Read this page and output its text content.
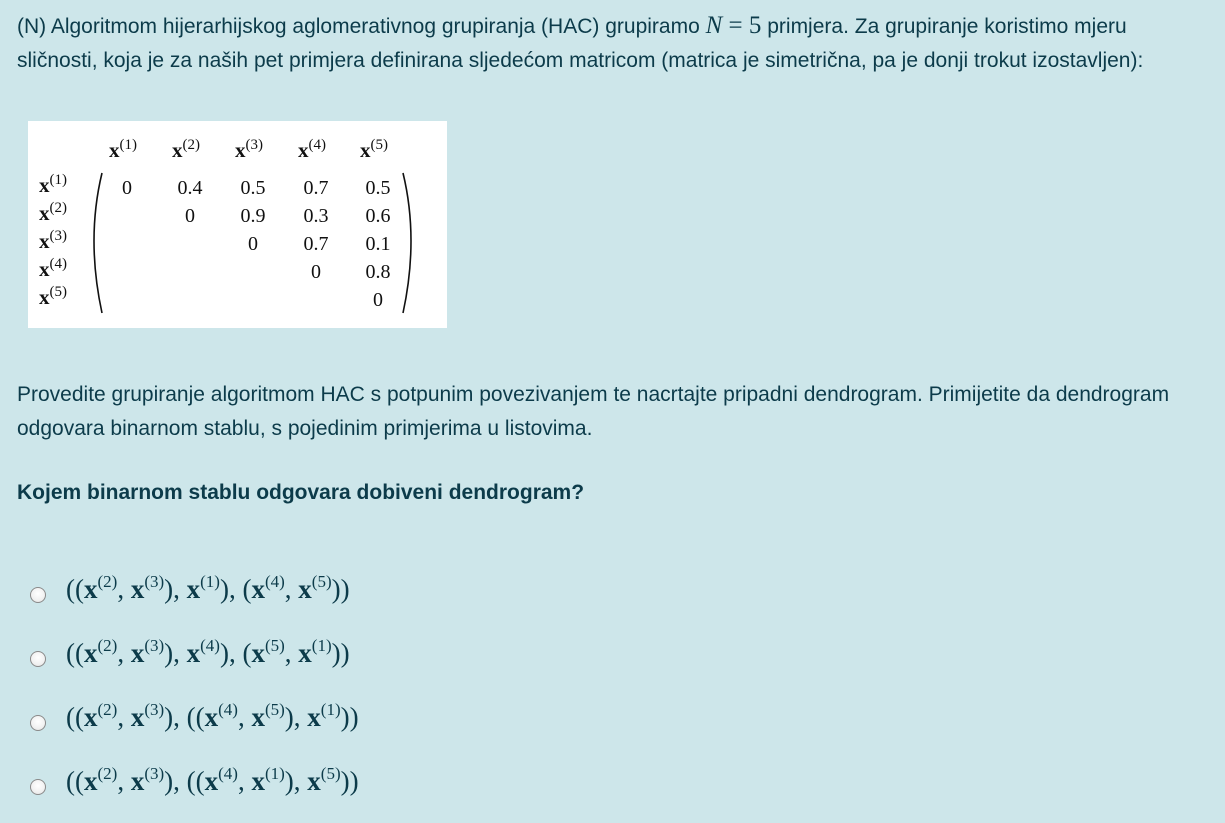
(N) Algoritmom hijerarhijskog aglomerativnog grupiranja (HAC) grupiramo N = 5 primjera. Za grupiranje koristimo mjeru sličnosti, koja je za naših pet primjera definirana sljedećom matricom (matrica je simetrična, pa je donji trokut izostavljen):

$x^{(1)}$ $x^{(2)}$ $x^{(3)}$ $x^{(4)}$ $x^{(5)}$
$x^{(1)}$
$x^{(2)}$
$x^{(3)}$
$x^{(4)}$
$x^{(5)}$
0 0.4 0.5 0.7 0.5
0 0.9 0.3 0.6
0 0.7 0.1
0 0.8
0

Provedite grupiranje algoritmom HAC s potpunim povezivanjem te nacrtajte pripadni dendrogram. Primijetite da dendrogram odgovara binarnom stablu, s pojedinim primjerima u listovima.

Kojem binarnom stablu odgovara dobiveni dendrogram?

(($x^{(2)}$, $x^{(3)}$), $x^{(1)}$), ($x^{(4)}$, $x^{(5)}$))
(($x^{(2)}$, $x^{(3)}$), $x^{(4)}$), ($x^{(5)}$, $x^{(1)}$))
(($x^{(2)}$, $x^{(3)}$), (($x^{(4)}$, $x^{(5)}$), $x^{(1)}$))
(($x^{(2)}$, $x^{(3)}$), (($x^{(4)}$, $x^{(1)}$), $x^{(5)}$))
